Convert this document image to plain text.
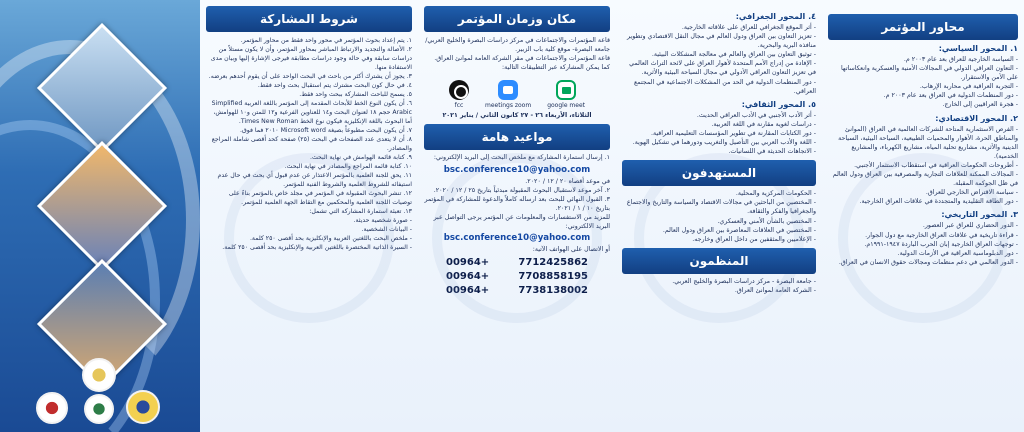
شروط المشاركة
١. يتم إعداد بحوث المؤتمر في محور واحد فقط من محاور المؤتمر.
٢. الأصالة والتجديد والارتباط المباشر بمحاور المؤتمر، وأن لا يكون مستلاً من دراسات سابقة وفي حالة وجود دراسات مطابقة فيرجى الإشارة إليها وبيان مدى الاستفادة منها.
٣. يجوز أن يشترك أكثر من باحث في البحث الواحد على أن يقوم أحدهم بعرضه.
٤. في حال كون البحث مشترك يتم استقبال بحث واحد فقط.
٥. يسمح للباحث المشاركة ببحث واحد فقط.
٦. أن يكون النوع الخط للأبحاث المقدمة إلى المؤتمر باللغة العربية Simplified Arabic حجم ١٨ لعنوان البحث و١٤ للعناوين الفرعية و١٢ للمتن و١٠ للهوامش، أما البحوث باللغة الإنكليزية فيكون نوع الخط Times New Roman.
٧. أن يكون البحث مطبوعاً بصيغة Microsoft word ٢٠١٠ فما فوق.
٨. أن لا يتعدى عدد الصفحات في البحث (٢٥) صفحة كحد أقصى شاملة المراجع والمصادر.
٩. كتابة قائمة الهوامش في نهاية البحث.
١٠. كتابة قائمة المراجع والمصادر في نهاية البحث.
١١. يحق للجنة العلمية بالمؤتمر الاعتذار عن عدم قبول أي بحث في حال عدم استيفائه للشروط العلمية والشروط الفنية للمؤتمر.
١٢. تنشر البحوث المقبولة في المؤتمر في مجلد خاص بالمؤتمر بناءً على توصيات اللجنة العلمية والمحكمين مع التقاط الجهة العلمية للمؤتمر.
١٣. تعبئة استمارة المشاركة التي تشمل:
- صورة شخصية حديثة.
- البيانات الشخصية.
- ملخص البحث باللغتين العربية والإنكليزية بحد أقصى ٢٥٠ كلمة.
- السيرة الذاتية المختصرة باللغتين العربية والإنكليزية بحد أقصى ٢٥٠ كلمة.
مكان وزمان المؤتمر
قاعة المؤتمرات والاجتماعات في مركز دراسات البصرة والخليج العربي/جامعة البصرة- موقع كلية باب الزبير.
قاعة المؤتمرات والاجتماعات في مقر الشركة العامة لموانئ العراق.
كما يمكن المشاركة عبر التطبيقات التالية:
fcc	meetings zoom	google meet
الثلاثاء، الأربعاء ٢٦ - ٢٧ كانون الثاني / يناير ٢٠٢١
مواعيد هامة
١. إرسال استمارة المشاركة مع ملخص البحث إلى البريد الإلكتروني:
bsc.conference10@yahoo.com
في موعد أقصاه ٢٠ / ١٢ / ٢٠٢٠.
٢. آخر موعد لاستقبال البحوث المقبولة مبدئياً بتاريخ ٢٥ / ١٢ / ٢٠٢٠.
٣. القبول النهائي للبحث بعد ارساله كاملاً والدعوة للمشاركة في المؤتمر بتاريخ ١٠ / ١ / ٢٠٢١.
للمزيد من الاستفسارات والمعلومات عن المؤتمر يرجى التواصل عبر البريد الالكتروني:
bsc.conference10@yahoo.com
أو الاتصال على الهواتف الآتية:
00964+	7712425862
00964+	7708858195
00964+	7738138002
٤. المحور الجغرافي:
- أثر الموقع الجغرافي للعراق على علاقاته الخارجية.
- تعزيز التعاون بين العراق ودول العالم في مجال النقل الاقتصادي وتطوير منافذه البرية والبحرية.
- توثيق التعاون بين العراق والعالم في معالجة المشكلات البيئية.
- الإفادة من إدراج الأمم المتحدة لأهوار العراق على لائحة التراث العالمي في تعزيز التعاون العراقي الأدولي في مجال السياحة البيئية والأثرية.
- دور المنظمات الدولية في الحد من المشكلات الاجتماعية في المجتمع العراقي.
٥. المحور الثقافي:
- أثر الأدب الأجنبي في الأدب العراقي الحديث.
- دراسات لغوية مقارنة في اللغة العربية.
- دور الكتابات المقارنة في تطوير المؤسسات التعليمية العراقية.
- اللغة والأدب العربي بين التأصيل والتغريب ودورهما في تشكيل الهوية.
- الاتجاهات الحديثة في اللسانيات.
المستهدفون
- الحكومات المركزية والمحلية.
- المختصين من الباحثين في مجالات الاقتصاد والسياسة والتاريخ والاجتماع والجغرافيا والفكر والثقافة.
- المختصين بالشأن الأمني والعسكري.
- المختصين في العلاقات المعاصرة بين العراق ودول العالم.
- الإعلاميين والمثقفين من داخل العراق وخارجه.
المنظمون
- جامعة البصرة - مركز دراسات البصرة والخليج العربي.
- الشركة العامة لموانئ العراق.
محاور المؤتمر
١. المحور السياسي:
- السياسة الخارجية للعراق بعد عام ٢٠٠٣ م.
- التعاون العراقي الدولي في المجالات الأمنية والعسكرية وانعكاساتها على الأمن والاستقرار.
- التجربة العراقية في محاربة الإرهاب.
- دور المنظمات الدولية في العراق بعد عام ٢٠٠٣ م.
- هجرة العراقيين إلى الخارج.
٢. المحور الاقتصادي:
- الفرص الاستثمارية المتاحة للشركات العالمية في العراق (الموانئ والمناطق الحرة، الأهوار والمحميات الطبيعية، السياحة البيئية، السياحة الدينية والأثرية، مشاريع تحلية المياه، مشاريع الكهرباء، والمشاريع الخدمية).
- أطروحات الحكومات العراقية في استقطاب الاستثمار الأجنبي.
- المجالات الممكنة للعلاقات التجارية والمصرفية بين العراق ودول العالم في ظل الجوكمة المقبلة.
- سياسة الاقتراض الخارجي للعراق.
- دور الطاقة التقليدية والمتجددة في علاقات العراق الخارجية.
٣. المحور التاريخي:
- الدور الحضاري للعراق عبر العصور.
- قراءة تاريخية في علاقات العراق الخارجية مع دول الجوار.
- توجهات العراق الخارجية إبان الحرب الباردة ١٩٤٧-١٩٩١م.
- دور الدبلوماسية العراقية في الأزمات الدولية.
- الدور العالمي في دعم منظمات ومجالات حقوق الانسان في العراق.
